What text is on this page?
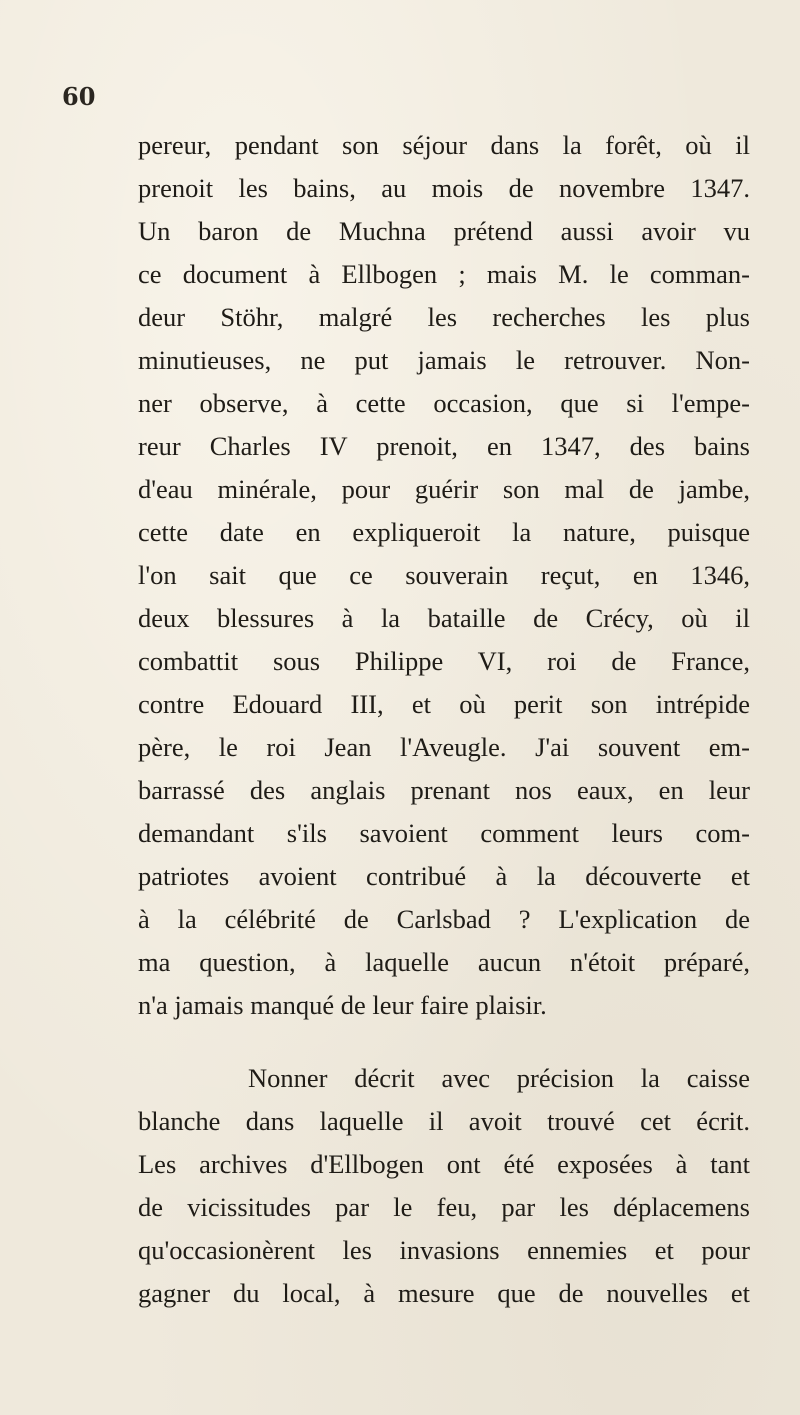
60
pereur, pendant son séjour dans la forêt, où il
prenoit les bains, au mois de novembre 1347.
Un baron de Muchna prétend aussi avoir vu
ce document à Ellbogen ; mais M. le comman-
deur Stöhr, malgré les recherches les plus
minutieuses, ne put jamais le retrouver. Non-
ner observe, à cette occasion, que si l'empe-
reur Charles IV prenoit, en 1347, des bains
d'eau minérale, pour guérir son mal de jambe,
cette date en expliqueroit la nature, puisque
l'on sait que ce souverain reçut, en 1346,
deux blessures à la bataille de Crécy, où il
combattit sous Philippe VI, roi de France,
contre Edouard III, et où perit son intrépide
père, le roi Jean l'Aveugle. J'ai souvent em-
barrassé des anglais prenant nos eaux, en leur
demandant s'ils savoient comment leurs com-
patriotes avoient contribué à la découverte et
à la célébrité de Carlsbad ? L'explication de
ma question, à laquelle aucun n'étoit préparé,
n'a jamais manqué de leur faire plaisir.
Nonner décrit avec précision la caisse
blanche dans laquelle il avoit trouvé cet écrit.
Les archives d'Ellbogen ont été exposées à tant
de vicissitudes par le feu, par les déplacemens
qu'occasionèrent les invasions ennemies et pour
gagner du local, à mesure que de nouvelles et
